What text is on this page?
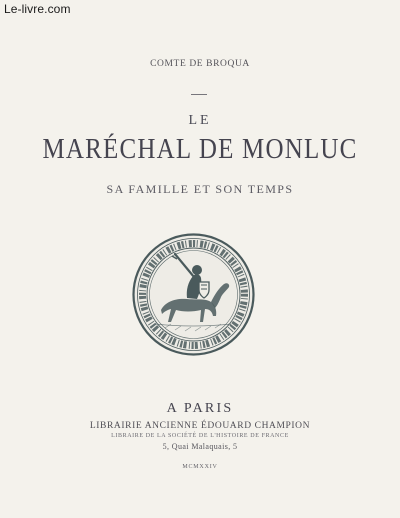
Le-livre.com
COMTE DE BROQUA
LE
MARÉCHAL DE MONLUC
SA FAMILLE ET SON TEMPS
A PARIS
LIBRAIRIE ANCIENNE ÉDOUARD CHAMPION
LIBRAIRE DE LA SOCIÉTÉ DE L'HISTOIRE DE FRANCE
5, Quai Malaquais, 5
MCMXXIV
